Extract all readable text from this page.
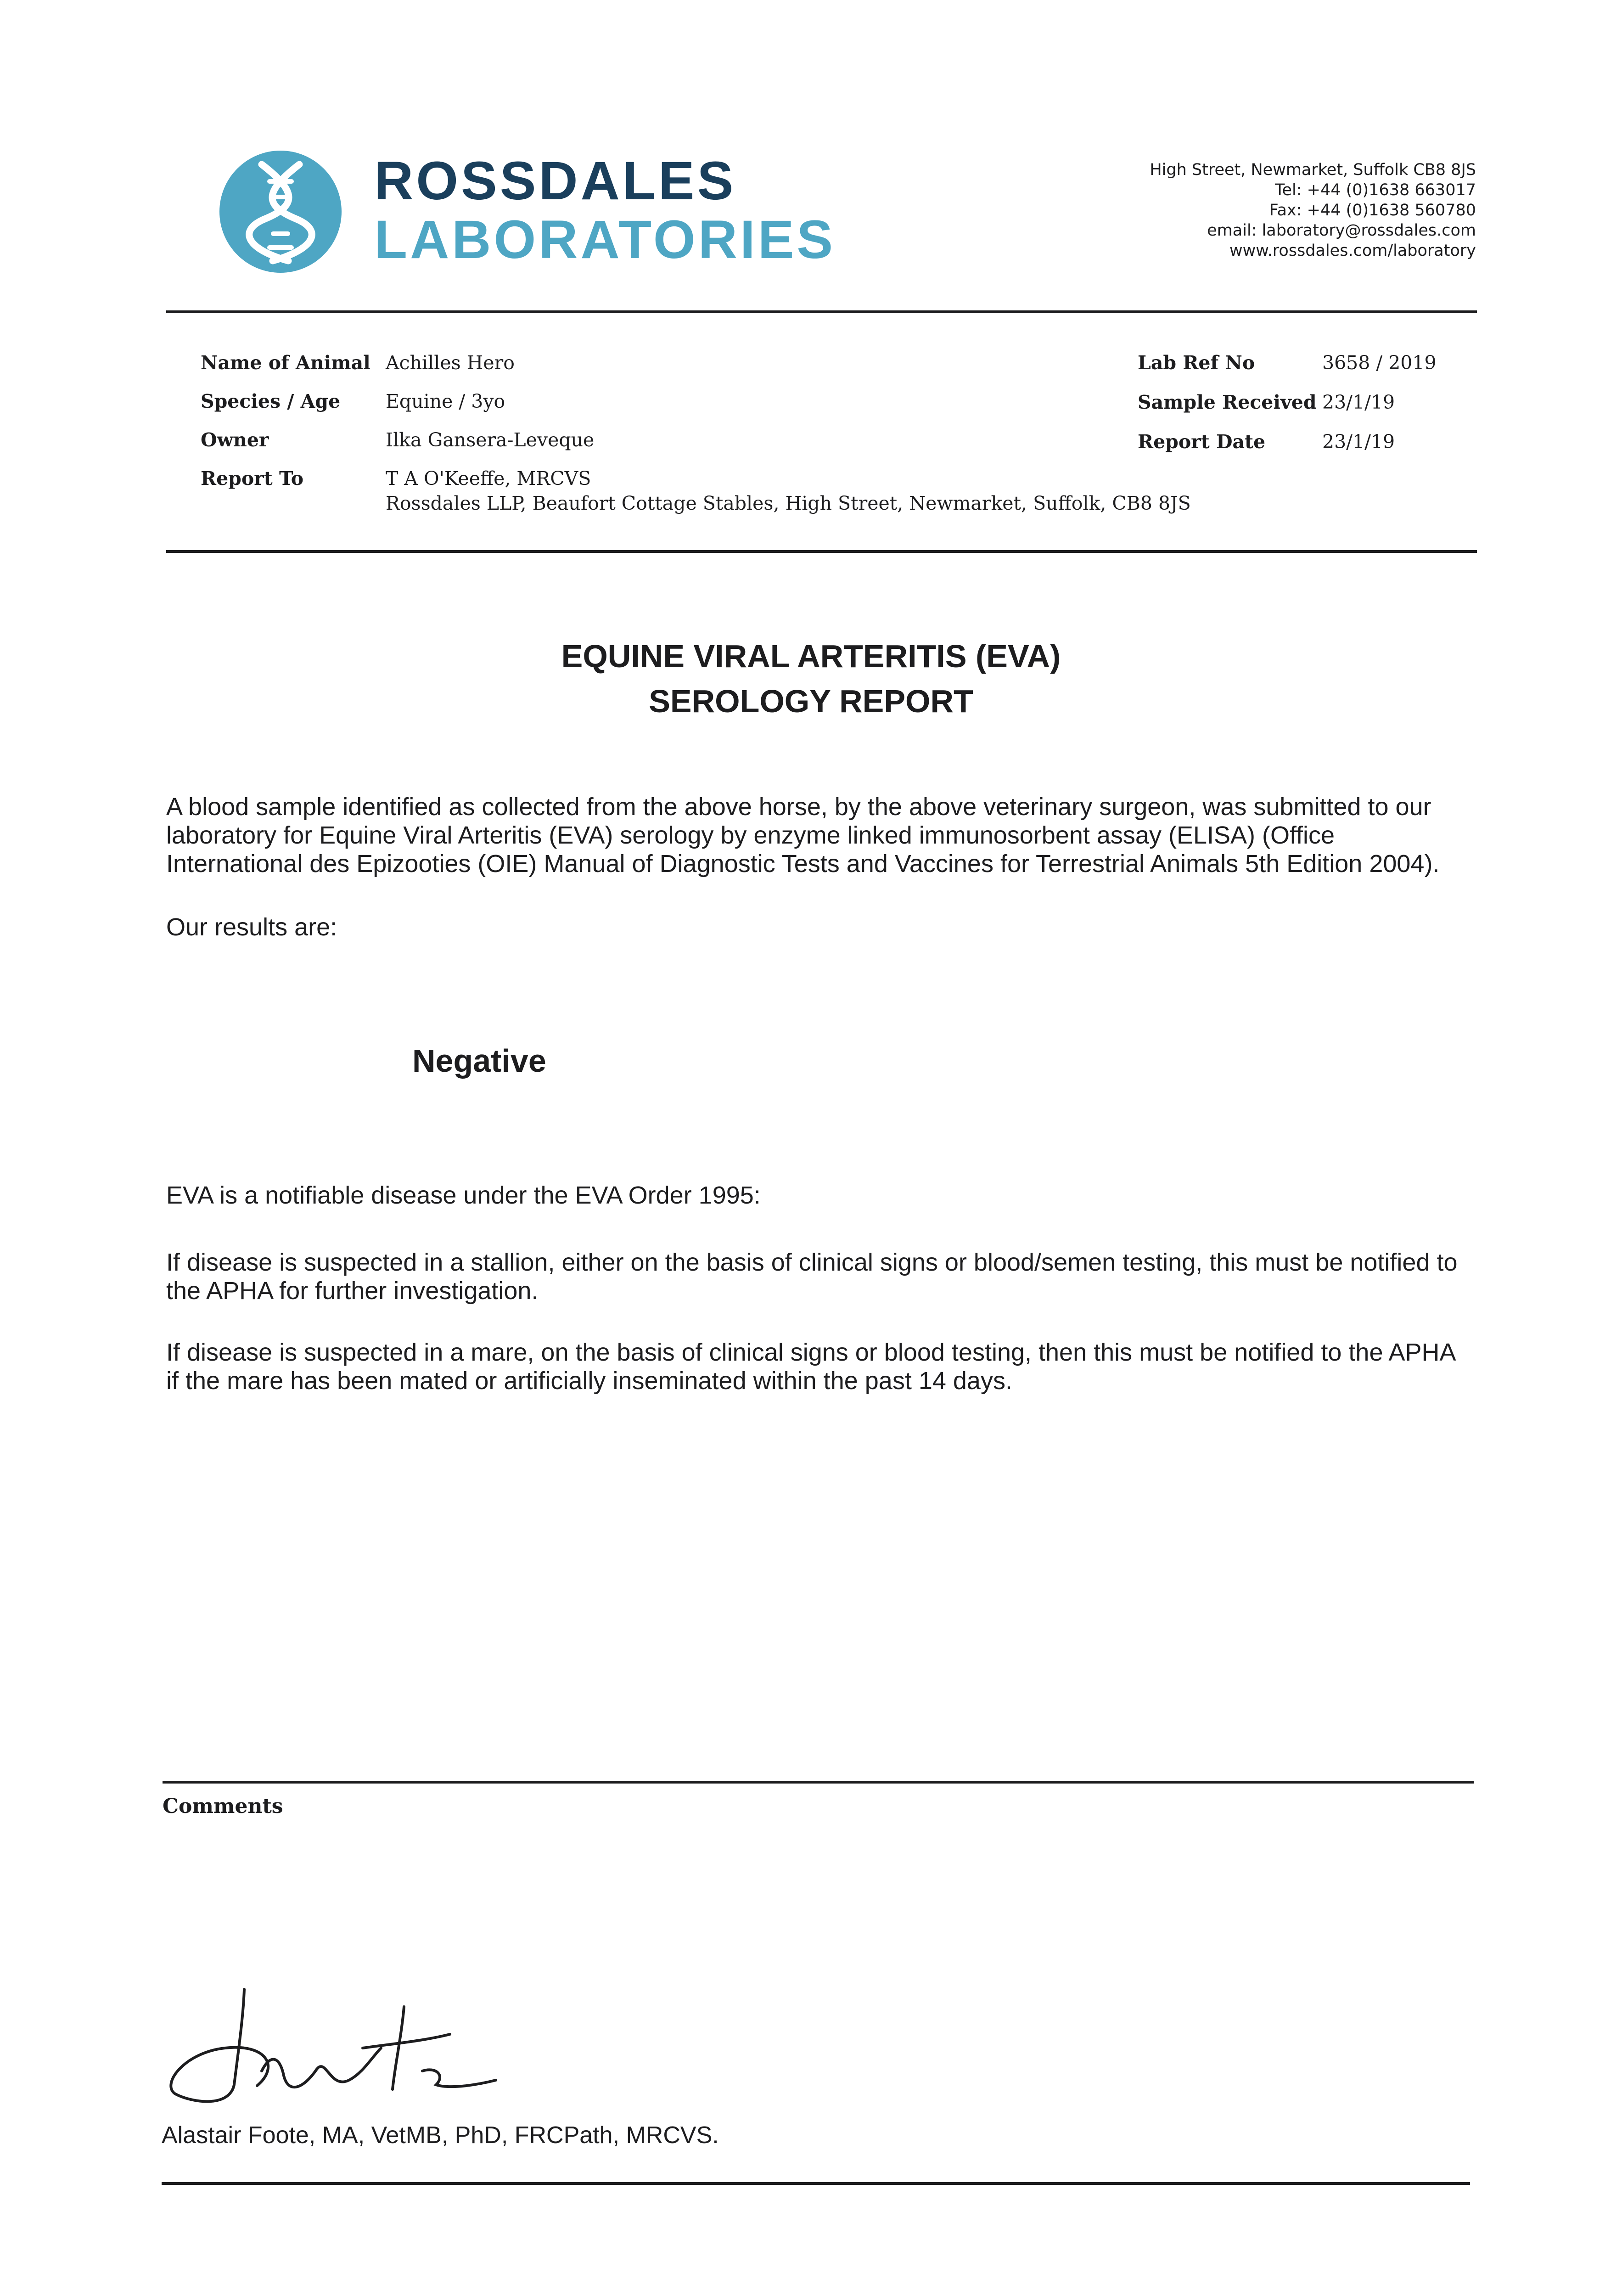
ROSSDALES
LABORATORIES
High Street, Newmarket, Suffolk CB8 8JS
Tel: +44 (0)1638 663017
Fax: +44 (0)1638 560780
email: laboratory@rossdales.com
www.rossdales.com/laboratory
Name of Animal Achilles Hero
Species / Age Equine / 3yo
Owner	Ilka Gansera-Leveque
Report To	T A O'Keeffe, MRCVS
Rossdales LLP, Beaufort Cottage Stables, High Street, Newmarket, Suffolk, CB8 8JS
Lab Ref No	3658 / 2019
Sample Received 23/1/19
Report Date	23/1/19
EQUINE VIRAL ARTERITIS (EVA)
SEROLOGY REPORT
A blood sample identified as collected from the above horse, by the above veterinary surgeon, was submitted to our
laboratory for Equine Viral Arteritis (EVA) serology by enzyme linked immunosorbent assay (ELISA) (Office
International des Epizooties (OIE) Manual of Diagnostic Tests and Vaccines for Terrestrial Animals 5th Edition 2004).
Our results are:
Negative
EVA is a notifiable disease under the EVA Order 1995:
If disease is suspected in a stallion, either on the basis of clinical signs or blood/semen testing, this must be notified to
the APHA for further investigation.
If disease is suspected in a mare, on the basis of clinical signs or blood testing, then this must be notified to the APHA
if the mare has been mated or artificially inseminated within the past 14 days.
Comments
Alastair Foote, MA, VetMB, PhD, FRCPath, MRCVS.
